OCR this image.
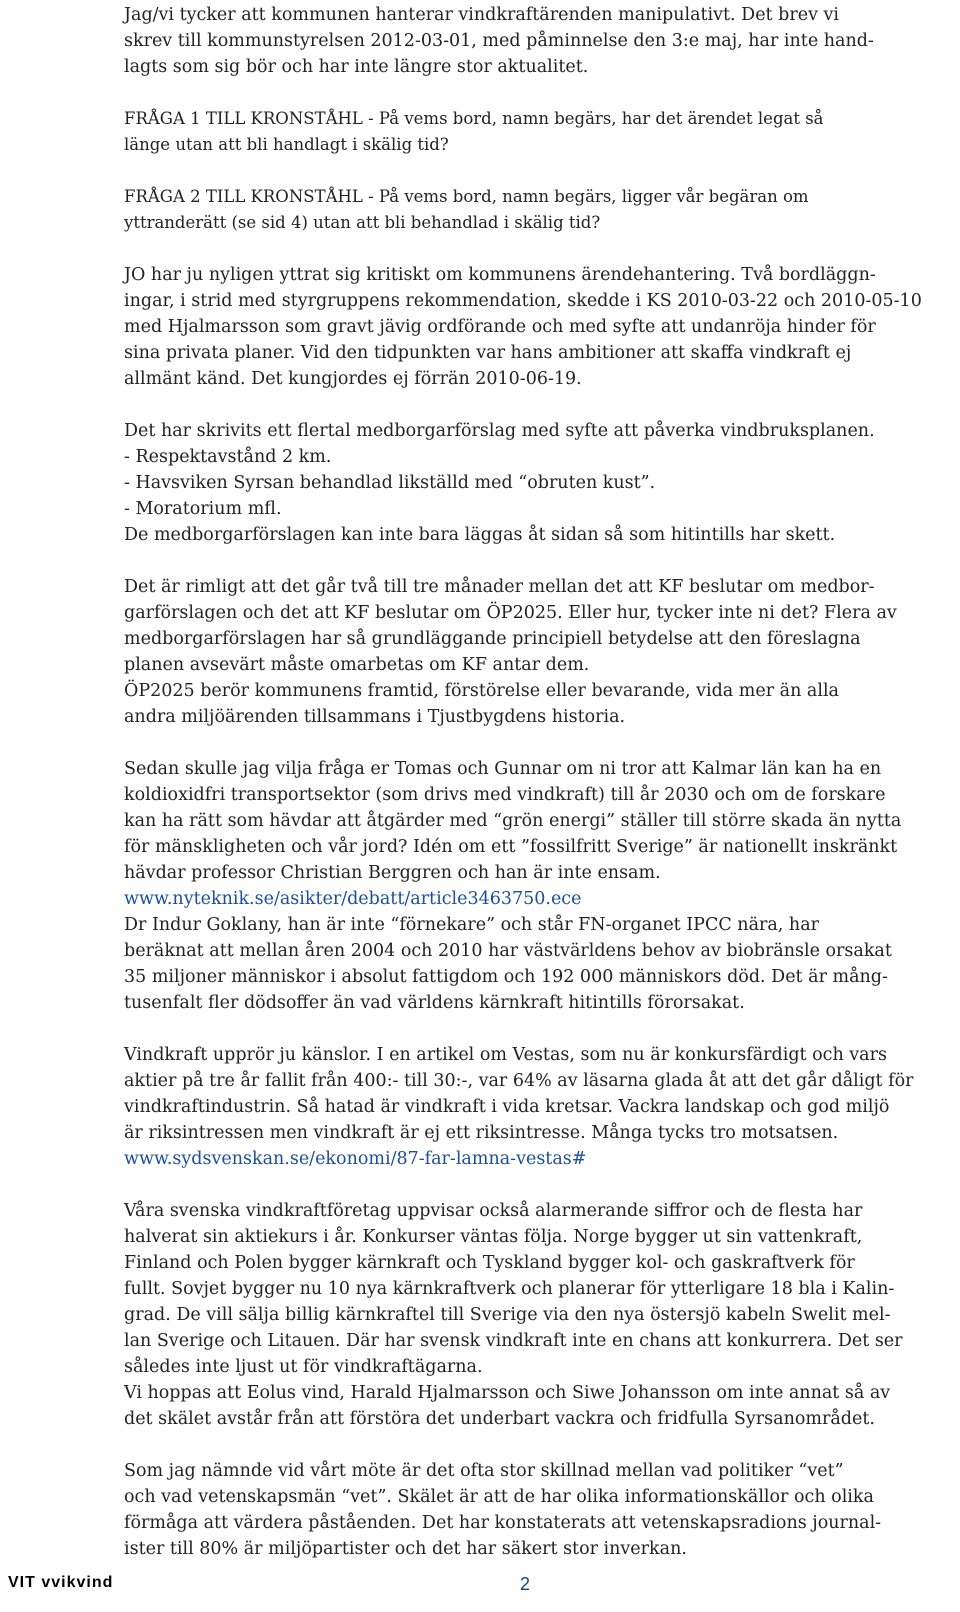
Jag/vi tycker att kommunen hanterar vindkraftärenden manipulativt. Det brev vi
skrev till kommunstyrelsen 2012-03-01, med påminnelse den 3:e maj, har inte hand-
lagts som sig bör och har inte längre stor aktualitet.

FRÅGA 1 TILL KRONSTÅHL - På vems bord, namn begärs, har det ärendet legat så
länge utan att bli handlagt i skälig tid?

FRÅGA 2 TILL KRONSTÅHL - På vems bord, namn begärs, ligger vår begäran om
yttranderätt (se sid 4) utan att bli behandlad i skälig tid?

JO har ju nyligen yttrat sig kritiskt om kommunens ärendehantering. Två bordläggn-
ingar, i strid med styrgruppens rekommendation, skedde i KS 2010-03-22 och 2010-05-10
med Hjalmarsson som gravt jävig ordförande och med syfte att undanröja hinder för
sina privata planer. Vid den tidpunkten var hans ambitioner att skaffa vindkraft ej
allmänt känd. Det kungjordes ej förrän 2010-06-19.

Det har skrivits ett flertal medborgarförslag med syfte att påverka vindbruksplanen.
- Respektavstånd 2 km.
- Havsviken Syrsan behandlad likställd med “obruten kust”.
- Moratorium mfl.
De medborgarförslagen kan inte bara läggas åt sidan så som hitintills har skett.

Det är rimligt att det går två till tre månader mellan det att KF beslutar om medbor-
garförslagen och det att KF beslutar om ÖP2025. Eller hur, tycker inte ni det? Flera av
medborgarförslagen har så grundläggande principiell betydelse att den föreslagna
planen avsevärt måste omarbetas om KF antar dem.
ÖP2025 berör kommunens framtid, förstörelse eller bevarande, vida mer än alla
andra miljöärenden tillsammans i Tjustbygdens historia.

Sedan skulle jag vilja fråga er Tomas och Gunnar om ni tror att Kalmar län kan ha en
koldioxidfri transportsektor (som drivs med vindkraft) till år 2030 och om de forskare
kan ha rätt som hävdar att åtgärder med “grön energi” ställer till större skada än nytta
för mänskligheten och vår jord? Idén om ett ”fossilfritt Sverige” är nationellt inskränkt
hävdar professor Christian Berggren och han är inte ensam.

www.nyteknik.se/asikter/debatt/article3463750.ece

Dr Indur Goklany, han är inte “förnekare” och står FN-organet IPCC nära, har
beräknat att mellan åren 2004 och 2010 har västvärldens behov av biobränsle orsakat
35 miljoner människor i absolut fattigdom och 192 000 människors död. Det är mång-
tusenfalt fler dödsoffer än vad världens kärnkraft hitintills förorsakat.

Vindkraft upprör ju känslor. I en artikel om Vestas, som nu är konkursfärdigt och vars
aktier på tre år fallit från 400:- till 30:-, var 64% av läsarna glada åt att det går dåligt för
vindkraftindustrin. Så hatad är vindkraft i vida kretsar. Vackra landskap och god miljö
är riksintressen men vindkraft är ej ett riksintresse. Många tycks tro motsatsen.

www.sydsvenskan.se/ekonomi/87-far-lamna-vestas#

Våra svenska vindkraftföretag uppvisar också alarmerande siffror och de flesta har
halverat sin aktiekurs i år. Konkurser väntas följa. Norge bygger ut sin vattenkraft,
Finland och Polen bygger kärnkraft och Tyskland bygger kol- och gaskraftverk för
fullt. Sovjet bygger nu 10 nya kärnkraftverk och planerar för ytterligare 18 bla i Kalin-
grad. De vill sälja billig kärnkraftel till Sverige via den nya östersjö kabeln Swelit mel-
lan Sverige och Litauen. Där har svensk vindkraft inte en chans att konkurrera. Det ser
således inte ljust ut för vindkraftägarna.
Vi hoppas att Eolus vind, Harald Hjalmarsson och Siwe Johansson om inte annat så av
det skälet avstår från att förstöra det underbart vackra och fridfulla Syrsanområdet.

Som jag nämnde vid vårt möte är det ofta stor skillnad mellan vad politiker “vet”
och vad vetenskapsmän “vet”. Skälet är att de har olika informationskällor och olika
förmåga att värdera påståenden. Det har konstaterats att vetenskapsradions journal-
ister till 80% är miljöpartister och det har säkert stor inverkan.

VIT vvikvind	2
